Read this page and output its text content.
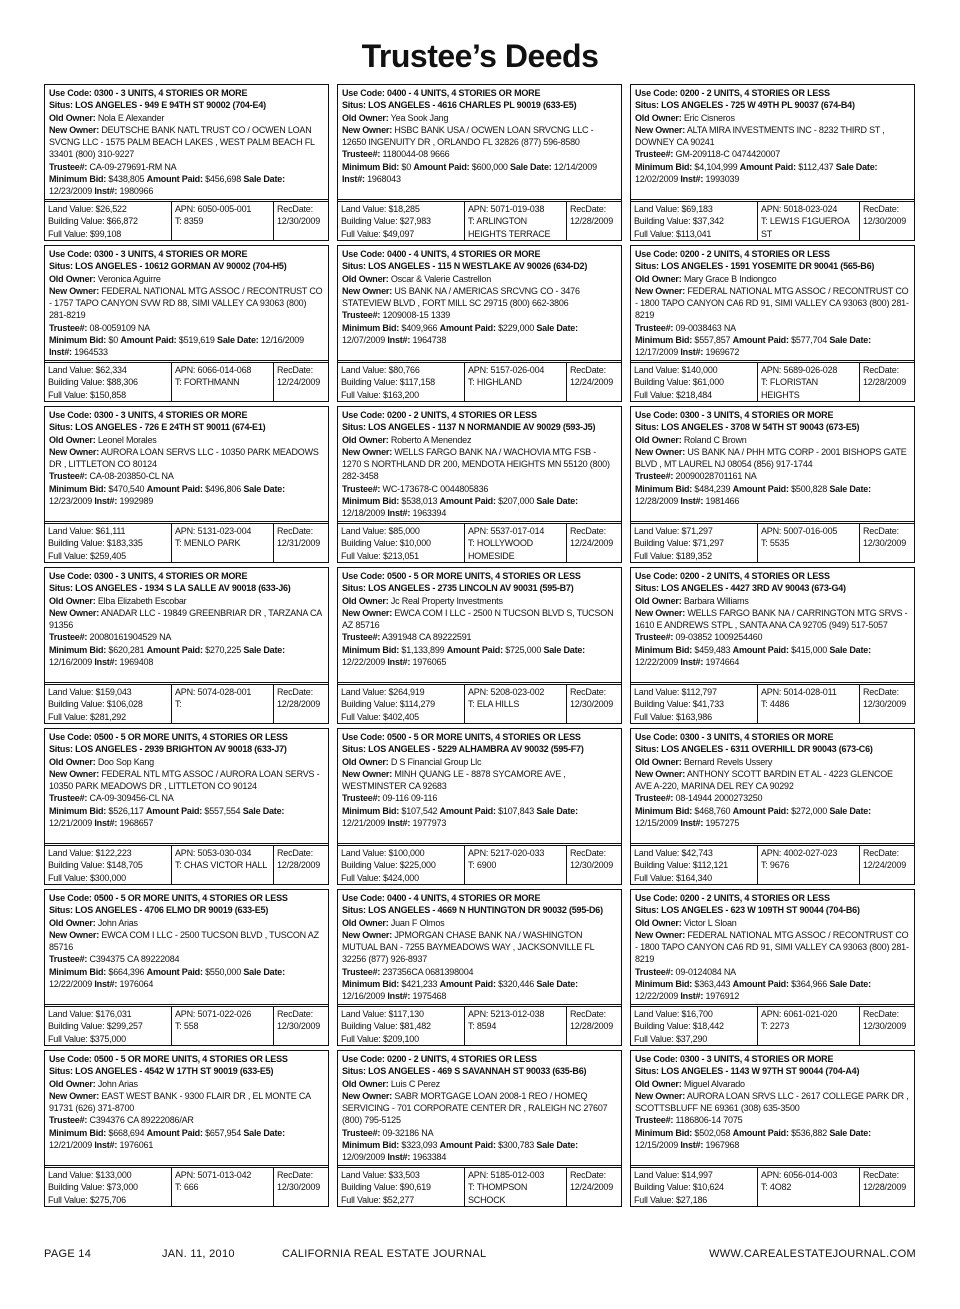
Trustee’s Deeds
Use Code: 0300 - 3 UNITS, 4 STORIES OR MORE
Situs: LOS ANGELES - 949 E 94TH ST 90002 (704-E4)
Old Owner: Nola E Alexander
New Owner: DEUTSCHE BANK NATL TRUST CO / OCWEN LOAN SVCNG LLC - 1575 PALM BEACH LAKES , WEST PALM BEACH FL 33401 (800) 310-9227
Trustee#: CA-09-279691-RM NA
Minimum Bid: $438,805 Amount Paid: $456,698 Sale Date: 12/23/2009 Inst#: 1980966
Land Value: $26,522
Building Value: $66,872
Full Value: $99,108
APN: 6050-005-001
T: 8359
RecDate:
12/30/2009
Use Code: 0400 - 4 UNITS, 4 STORIES OR MORE
Situs: LOS ANGELES - 4616 CHARLES PL 90019 (633-E5)
Old Owner: Yea Sook Jang
New Owner: HSBC BANK USA / OCWEN LOAN SRVCNG LLC - 12650 INGENUITY DR , ORLANDO FL 32826 (877) 596-8580
Trustee#: 1180044-08 9666
Minimum Bid: $0 Amount Paid: $600,000 Sale Date: 12/14/2009 Inst#: 1968043
Land Value: $18,285
Building Value: $27,983
Full Value: $49,097
APN: 5071-019-038
T: ARLINGTON HEIGHTS TERRACE
RecDate:
12/28/2009
Use Code: 0200 - 2 UNITS, 4 STORIES OR LESS
Situs: LOS ANGELES - 725 W 49TH PL 90037 (674-B4)
Old Owner: Eric Cisneros
New Owner: ALTA MIRA INVESTMENTS INC - 8232 THIRD ST , DOWNEY CA 90241
Trustee#: GM-209118-C 0474420007
Minimum Bid: $4,104,999 Amount Paid: $112,437 Sale Date: 12/02/2009 Inst#: 1993039
Land Value: $69,183
Building Value: $37,342
Full Value: $113,041
APN: 5018-023-024
T: LEW1S F1GUEROA ST
RecDate:
12/30/2009
Use Code: 0300 - 3 UNITS, 4 STORIES OR MORE
Situs: LOS ANGELES - 10612 GORMAN AV 90002 (704-H5)
Old Owner: Veronica Aguirre
New Owner: FEDERAL NATIONAL MTG ASSOC / RECONTRUST CO - 1757 TAPO CANYON SVW RD 88, SIMI VALLEY CA 93063 (800) 281-8219
Trustee#: 08-0059109 NA
Minimum Bid: $0 Amount Paid: $519,619 Sale Date: 12/16/2009 Inst#: 1964533
Land Value: $62,334
Building Value: $88,306
Full Value: $150,858
APN: 6066-014-068
T: FORTHMANN
RecDate:
12/24/2009
Use Code: 0400 - 4 UNITS, 4 STORIES OR MORE
Situs: LOS ANGELES - 115 N WESTLAKE AV 90026 (634-D2)
Old Owner: Oscar & Valerie Castrellon
New Owner: US BANK NA / AMERICAS SRCVNG CO - 3476 STATEVIEW BLVD , FORT MILL SC 29715 (800) 662-3806
Trustee#: 1209008-15 1339
Minimum Bid: $409,966 Amount Paid: $229,000 Sale Date: 12/07/2009 Inst#: 1964738
Land Value: $80,766
Building Value: $117,158
Full Value: $163,200
APN: 5157-026-004
T: HIGHLAND
RecDate:
12/24/2009
Use Code: 0200 - 2 UNITS, 4 STORIES OR LESS
Situs: LOS ANGELES - 1591 YOSEMITE DR 90041 (565-B6)
Old Owner: Mary Grace B Indiongco
New Owner: FEDERAL NATIONAL MTG ASSOC / RECONTRUST CO - 1800 TAPO CANYON CA6 RD 91, SIMI VALLEY CA 93063 (800) 281-8219
Trustee#: 09-0038463 NA
Minimum Bid: $557,857 Amount Paid: $577,704 Sale Date: 12/17/2009 Inst#: 1969672
Land Value: $140,000
Building Value: $61,000
Full Value: $218,484
APN: 5689-026-028
T: FLORISTAN HEIGHTS
RecDate:
12/28/2009
Use Code: 0300 - 3 UNITS, 4 STORIES OR MORE
Situs: LOS ANGELES - 726 E 24TH ST 90011 (674-E1)
Old Owner: Leonel Morales
New Owner: AURORA LOAN SERVS LLC - 10350 PARK MEADOWS DR , LITTLETON CO 80124
Trustee#: CA-08-203850-CL NA
Minimum Bid: $470,540 Amount Paid: $496,806 Sale Date: 12/23/2009 Inst#: 1992989
Land Value: $61,111
Building Value: $183,335
Full Value: $259,405
APN: 5131-023-004
T: MENLO PARK
RecDate:
12/31/2009
Use Code: 0200 - 2 UNITS, 4 STORIES OR LESS
Situs: LOS ANGELES - 1137 N NORMANDIE AV 90029 (593-J5)
Old Owner: Roberto A Menendez
New Owner: WELLS FARGO BANK NA / WACHOVIA MTG FSB - 1270 S NORTHLAND DR 200, MENDOTA HEIGHTS MN 55120 (800) 282-3458
Trustee#: WC-173678-C 0044805836
Minimum Bid: $538,013 Amount Paid: $207,000 Sale Date: 12/18/2009 Inst#: 1963394
Land Value: $85,000
Building Value: $10,000
Full Value: $213,051
APN: 5537-017-014
T: HOLLYWOOD HOMESIDE
RecDate:
12/24/2009
Use Code: 0300 - 3 UNITS, 4 STORIES OR MORE
Situs: LOS ANGELES - 3708 W 54TH ST 90043 (673-E5)
Old Owner: Roland C Brown
New Owner: US BANK NA / PHH MTG CORP - 2001 BISHOPS GATE BLVD , MT LAUREL NJ 08054 (856) 917-1744
Trustee#: 20090028701161 NA
Minimum Bid: $484,239 Amount Paid: $500,828 Sale Date: 12/28/2009 Inst#: 1981466
Land Value: $71,297
Building Value: $71,297
Full Value: $189,352
APN: 5007-016-005
T: 5535
RecDate:
12/30/2009
Use Code: 0300 - 3 UNITS, 4 STORIES OR MORE
Situs: LOS ANGELES - 1934 S LA SALLE AV 90018 (633-J6)
Old Owner: Elba Elizabeth Escobar
New Owner: ANADAR LLC - 19849 GREENBRIAR DR , TARZANA CA 91356
Trustee#: 20080161904529 NA
Minimum Bid: $620,281 Amount Paid: $270,225 Sale Date: 12/16/2009 Inst#: 1969408
Land Value: $159,043
Building Value: $106,028
Full Value: $281,292
APN: 5074-028-001
T:
RecDate:
12/28/2009
Use Code: 0500 - 5 OR MORE UNITS, 4 STORIES OR LESS
Situs: LOS ANGELES - 2735 LINCOLN AV 90031 (595-B7)
Old Owner: Jc Real Property Investments
New Owner: EWCA COM I LLC - 2500 N TUCSON BLVD S, TUCSON AZ 85716
Trustee#: A391948 CA 89222591
Minimum Bid: $1,133,899 Amount Paid: $725,000 Sale Date: 12/22/2009 Inst#: 1976065
Land Value: $264,919
Building Value: $114,279
Full Value: $402,405
APN: 5208-023-002
T: ELA HILLS
RecDate:
12/30/2009
Use Code: 0200 - 2 UNITS, 4 STORIES OR LESS
Situs: LOS ANGELES - 4427 3RD AV 90043 (673-G4)
Old Owner: Barbara Williams
New Owner: WELLS FARGO BANK NA / CARRINGTON MTG SRVS - 1610 E ANDREWS STPL , SANTA ANA CA 92705 (949) 517-5057
Trustee#: 09-03852 1009254460
Minimum Bid: $459,483 Amount Paid: $415,000 Sale Date: 12/22/2009 Inst#: 1974664
Land Value: $112,797
Building Value: $41,733
Full Value: $163,986
APN: 5014-028-011
T: 4486
RecDate:
12/30/2009
Use Code: 0500 - 5 OR MORE UNITS, 4 STORIES OR LESS
Situs: LOS ANGELES - 2939 BRIGHTON AV 90018 (633-J7)
Old Owner: Doo Sop Kang
New Owner: FEDERAL NTL MTG ASSOC / AURORA LOAN SERVS - 10350 PARK MEADOWS DR , LITTLETON CO 90124
Trustee#: CA-09-309456-CL NA
Minimum Bid: $526,117 Amount Paid: $557,554 Sale Date: 12/21/2009 Inst#: 1968657
Land Value: $122,223
Building Value: $148,705
Full Value: $300,000
APN: 5053-030-034
T: CHAS VICTOR HALL
RecDate:
12/28/2009
Use Code: 0500 - 5 OR MORE UNITS, 4 STORIES OR LESS
Situs: LOS ANGELES - 5229 ALHAMBRA AV 90032 (595-F7)
Old Owner: D S Financial Group Llc
New Owner: MINH QUANG LE - 8878 SYCAMORE AVE , WESTMINSTER CA 92683
Trustee#: 09-116 09-116
Minimum Bid: $107,542 Amount Paid: $107,843 Sale Date: 12/21/2009 Inst#: 1977973
Land Value: $100,000
Building Value: $225,000
Full Value: $424,000
APN: 5217-020-033
T: 6900
RecDate:
12/30/2009
Use Code: 0300 - 3 UNITS, 4 STORIES OR MORE
Situs: LOS ANGELES - 6311 OVERHILL DR 90043 (673-C6)
Old Owner: Bernard Revels Ussery
New Owner: ANTHONY SCOTT BARDIN ET AL - 4223 GLENCOE AVE A-220, MARINA DEL REY CA 90292
Trustee#: 08-14944 2000273250
Minimum Bid: $468,760 Amount Paid: $272,000 Sale Date: 12/15/2009 Inst#: 1957275
Land Value: $42,743
Building Value: $112,121
Full Value: $164,340
APN: 4002-027-023
T: 9676
RecDate:
12/24/2009
Use Code: 0500 - 5 OR MORE UNITS, 4 STORIES OR LESS
Situs: LOS ANGELES - 4706 ELMO DR 90019 (633-E5)
Old Owner: John Arias
New Owner: EWCA COM I LLC - 2500 TUCSON BLVD , TUSCON AZ 85716
Trustee#: C394375 CA 89222084
Minimum Bid: $664,396 Amount Paid: $550,000 Sale Date: 12/22/2009 Inst#: 1976064
Land Value: $176,031
Building Value: $299,257
Full Value: $375,000
APN: 5071-022-026
T: 558
RecDate:
12/30/2009
Use Code: 0400 - 4 UNITS, 4 STORIES OR MORE
Situs: LOS ANGELES - 4669 N HUNTINGTON DR 90032 (595-D6)
Old Owner: Juan F Olmos
New Owner: JPMORGAN CHASE BANK NA / WASHINGTON MUTUAL BAN - 7255 BAYMEADOWS WAY , JACKSONVILLE FL 32256 (877) 926-8937
Trustee#: 237356CA 0681398004
Minimum Bid: $421,233 Amount Paid: $320,446 Sale Date: 12/16/2009 Inst#: 1975468
Land Value: $117,130
Building Value: $81,482
Full Value: $209,100
APN: 5213-012-038
T: 8594
RecDate:
12/28/2009
Use Code: 0200 - 2 UNITS, 4 STORIES OR LESS
Situs: LOS ANGELES - 623 W 109TH ST 90044 (704-B6)
Old Owner: Victor L Sloan
New Owner: FEDERAL NATIONAL MTG ASSOC / RECONTRUST CO - 1800 TAPO CANYON CA6 RD 91, SIMI VALLEY CA 93063 (800) 281-8219
Trustee#: 09-0124084 NA
Minimum Bid: $363,443 Amount Paid: $364,966 Sale Date: 12/22/2009 Inst#: 1976912
Land Value: $16,700
Building Value: $18,442
Full Value: $37,290
APN: 6061-021-020
T: 2273
RecDate:
12/30/2009
Use Code: 0500 - 5 OR MORE UNITS, 4 STORIES OR LESS
Situs: LOS ANGELES - 4542 W 17TH ST 90019 (633-E5)
Old Owner: John Arias
New Owner: EAST WEST BANK - 9300 FLAIR DR , EL MONTE CA 91731 (626) 371-8700
Trustee#: C394376 CA 89222086/AR
Minimum Bid: $668,694 Amount Paid: $657,954 Sale Date: 12/21/2009 Inst#: 1976061
Land Value: $133,000
Building Value: $73,000
Full Value: $275,706
APN: 5071-013-042
T: 666
RecDate:
12/30/2009
Use Code: 0200 - 2 UNITS, 4 STORIES OR LESS
Situs: LOS ANGELES - 469 S SAVANNAH ST 90033 (635-B6)
Old Owner: Luis C Perez
New Owner: SABR MORTGAGE LOAN 2008-1 REO / HOMEQ SERVICING - 701 CORPORATE CENTER DR , RALEIGH NC 27607 (800) 795-5125
Trustee#: 09-32186 NA
Minimum Bid: $323,093 Amount Paid: $300,783 Sale Date: 12/09/2009 Inst#: 1963384
Land Value: $33,503
Building Value: $90,619
Full Value: $52,277
APN: 5185-012-003
T: THOMPSON SCHOCK
RecDate:
12/24/2009
Use Code: 0300 - 3 UNITS, 4 STORIES OR MORE
Situs: LOS ANGELES - 1143 W 97TH ST 90044 (704-A4)
Old Owner: Miguel Alvarado
New Owner: AURORA LOAN SRVS LLC - 2617 COLLEGE PARK DR , SCOTTSBLUFF NE 69361 (308) 635-3500
Trustee#: 1186806-14 7075
Minimum Bid: $502,058 Amount Paid: $536,882 Sale Date: 12/15/2009 Inst#: 1967968
Land Value: $14,997
Building Value: $10,624
Full Value: $27,186
APN: 6056-014-003
T: 4O82
RecDate:
12/28/2009
PAGE 14	JAN. 11, 2010	CALIFORNIA REAL ESTATE JOURNAL	WWW.CAREALESTATEJOURNAL.COM
